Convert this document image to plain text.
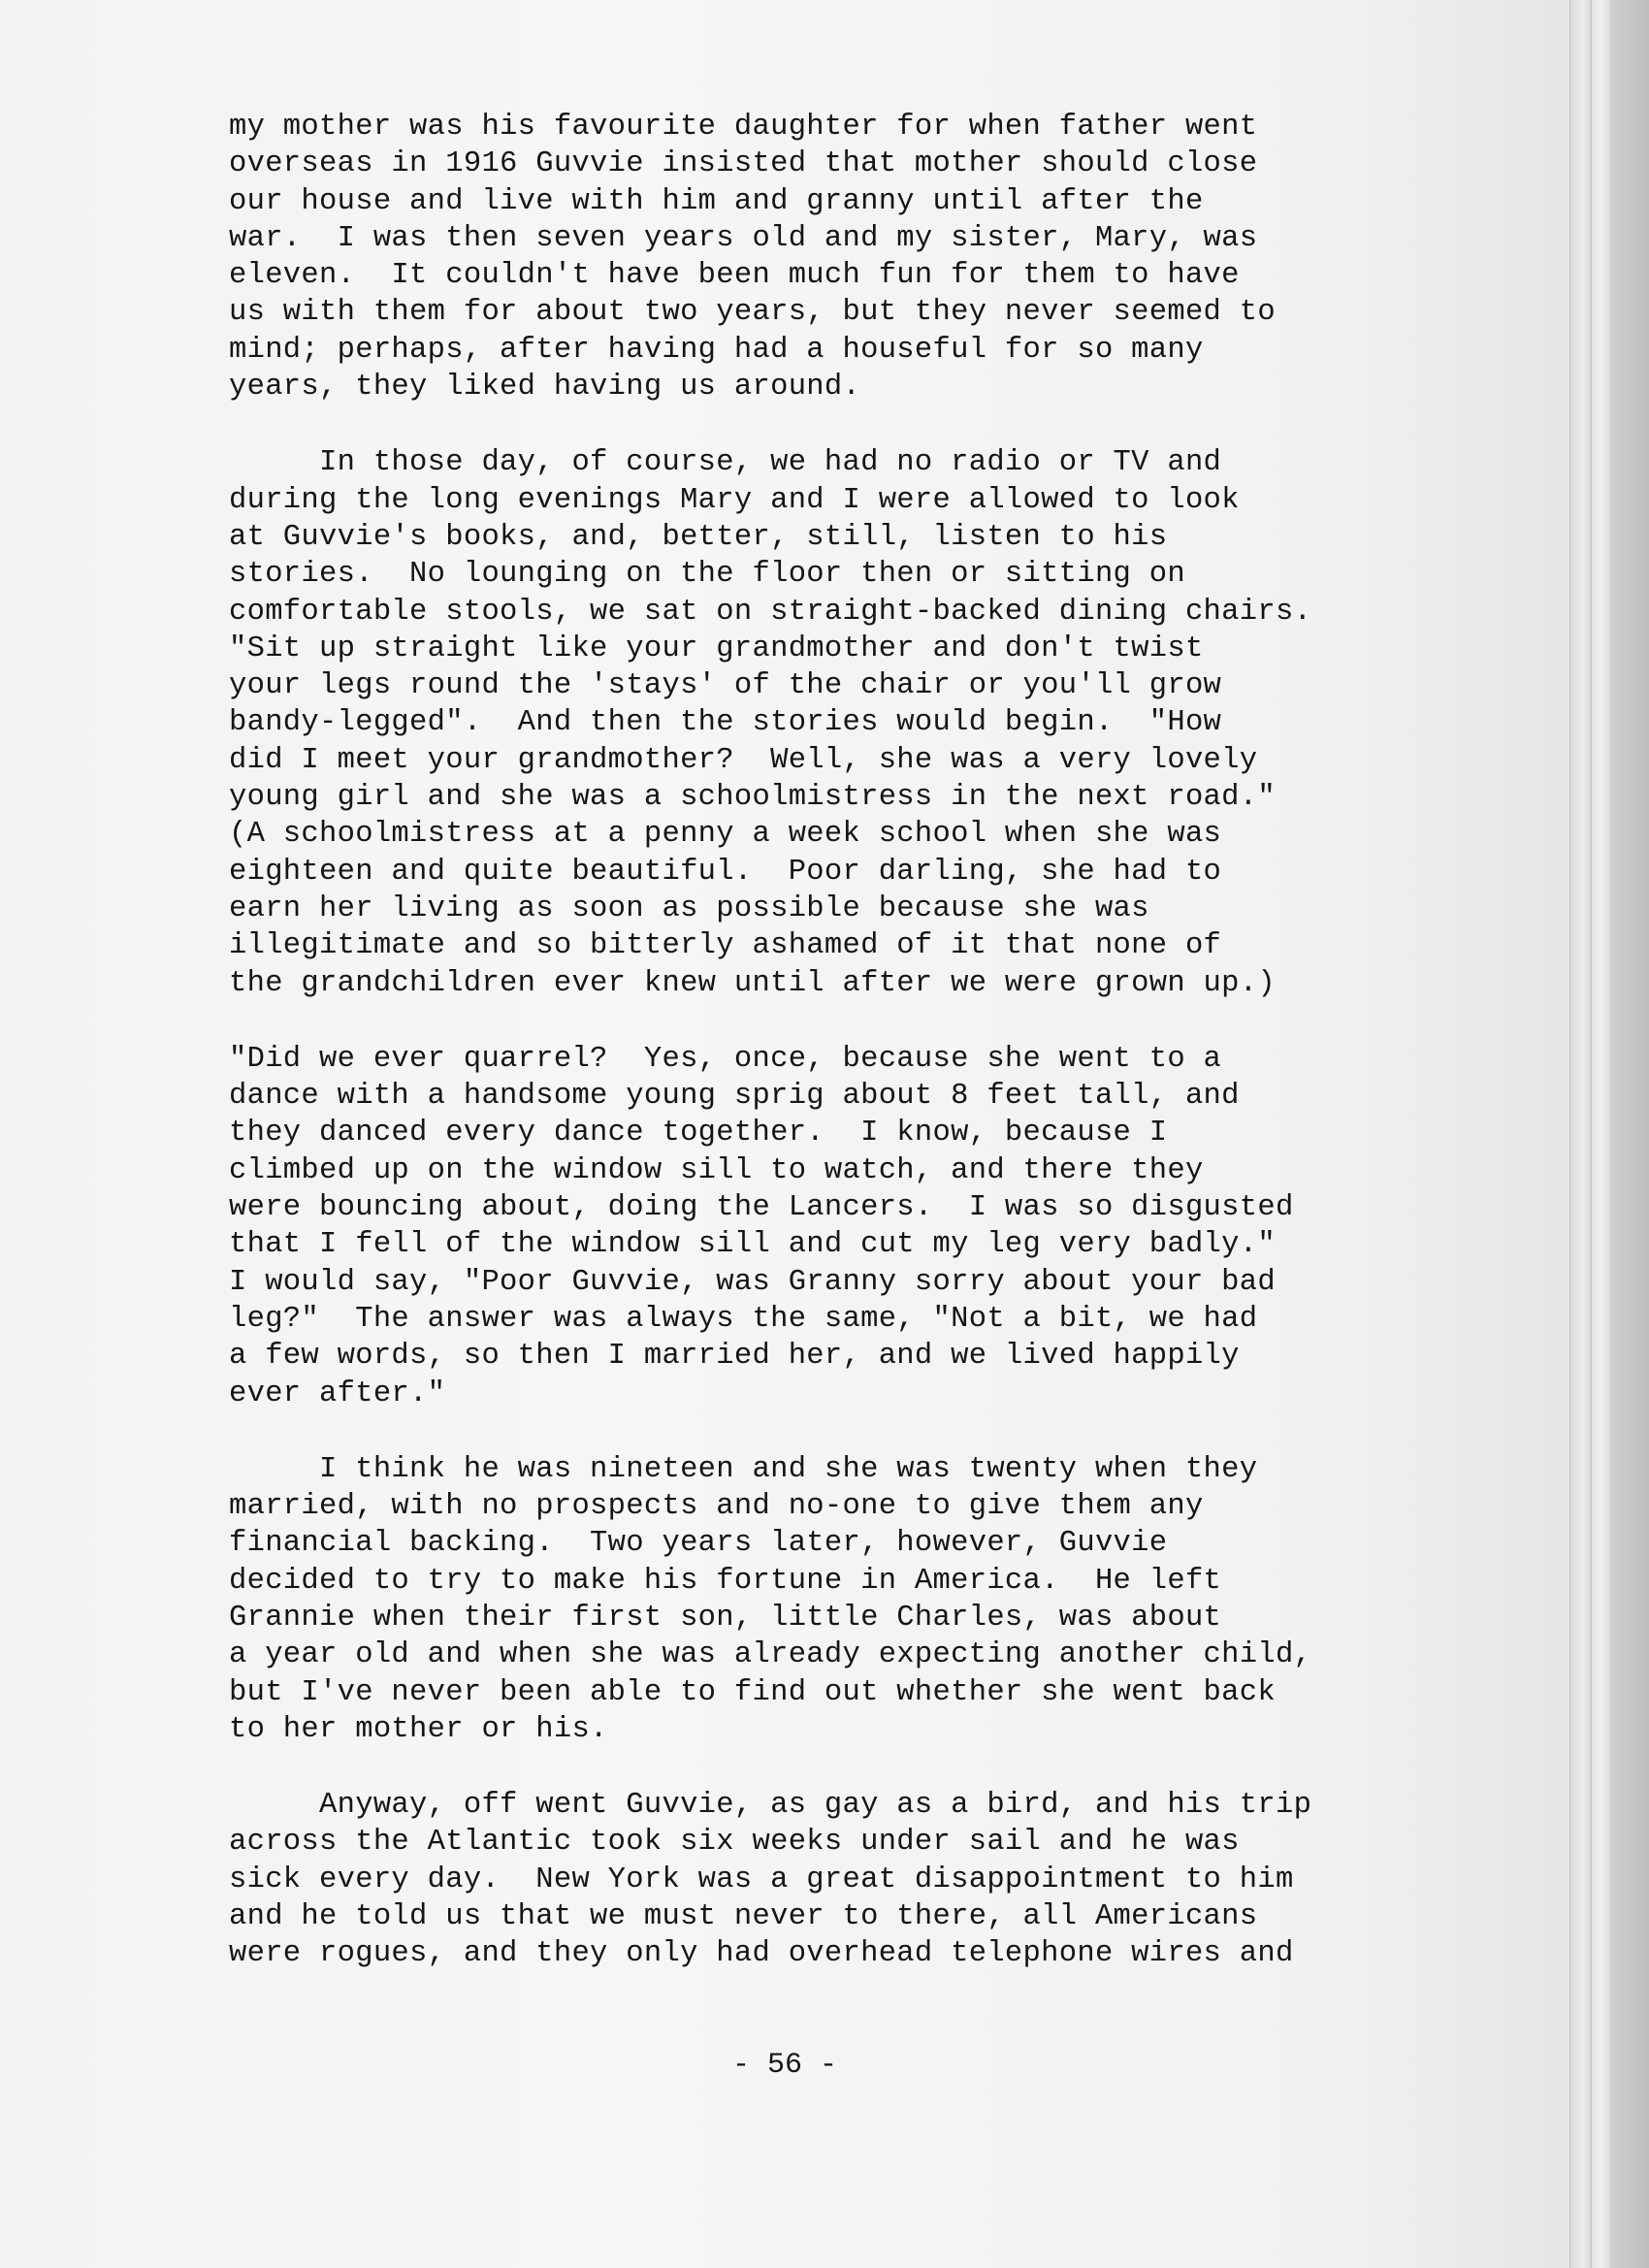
my mother was his favourite daughter for when father went
overseas in 1916 Guvvie insisted that mother should close
our house and live with him and granny until after the
war.  I was then seven years old and my sister, Mary, was
eleven.  It couldn't have been much fun for them to have
us with them for about two years, but they never seemed to
mind; perhaps, after having had a houseful for so many
years, they liked having us around.
In those day, of course, we had no radio or TV and
during the long evenings Mary and I were allowed to look
at Guvvie's books, and, better, still, listen to his
stories.  No lounging on the floor then or sitting on
comfortable stools, we sat on straight-backed dining chairs.
"Sit up straight like your grandmother and don't twist
your legs round the 'stays' of the chair or you'll grow
bandy-legged".  And then the stories would begin.  "How
did I meet your grandmother?  Well, she was a very lovely
young girl and she was a schoolmistress in the next road."
(A schoolmistress at a penny a week school when she was
eighteen and quite beautiful.  Poor darling, she had to
earn her living as soon as possible because she was
illegitimate and so bitterly ashamed of it that none of
the grandchildren ever knew until after we were grown up.)
"Did we ever quarrel?  Yes, once, because she went to a
dance with a handsome young sprig about 8 feet tall, and
they danced every dance together.  I know, because I
climbed up on the window sill to watch, and there they
were bouncing about, doing the Lancers.  I was so disgusted
that I fell of the window sill and cut my leg very badly."
I would say, "Poor Guvvie, was Granny sorry about your bad
leg?"  The answer was always the same, "Not a bit, we had
a few words, so then I married her, and we lived happily
ever after."
I think he was nineteen and she was twenty when they
married, with no prospects and no-one to give them any
financial backing.  Two years later, however, Guvvie
decided to try to make his fortune in America.  He left
Grannie when their first son, little Charles, was about
a year old and when she was already expecting another child,
but I've never been able to find out whether she went back
to her mother or his.
Anyway, off went Guvvie, as gay as a bird, and his trip
across the Atlantic took six weeks under sail and he was
sick every day.  New York was a great disappointment to him
and he told us that we must never to there, all Americans
were rogues, and they only had overhead telephone wires and
- 56 -
